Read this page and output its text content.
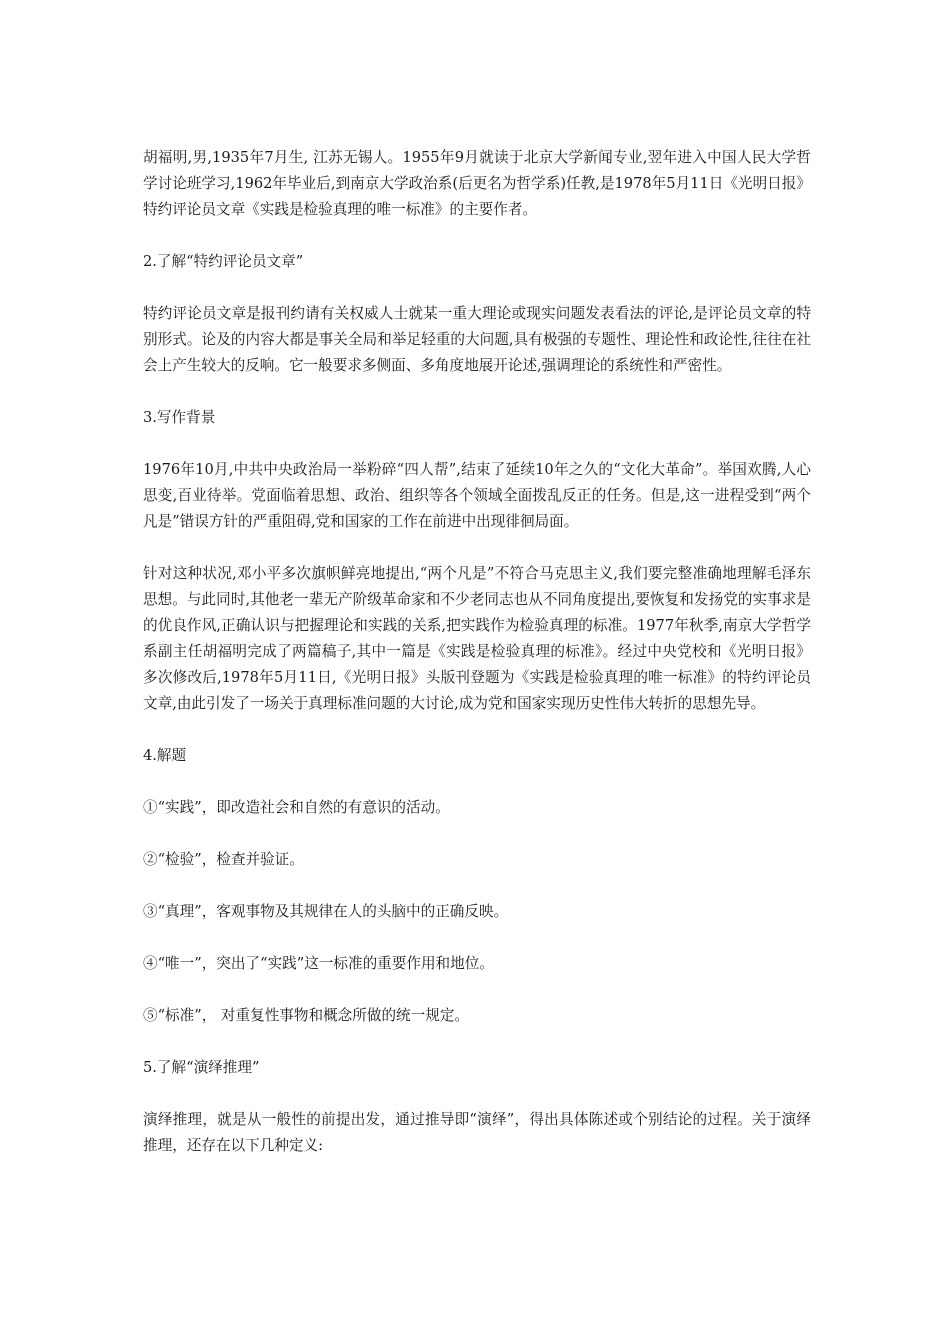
胡福明,男,1935年7月生, 江苏无锡人。1955年9月就读于北京大学新闻专业,翌年进入中国人民大学哲学讨论班学习,1962年毕业后,到南京大学政治系(后更名为哲学系)任教,是1978年5月11日《光明日报》特约评论员文章《实践是检验真理的唯一标准》的主要作者。

2.了解“特约评论员文章”

特约评论员文章是报刊约请有关权威人士就某一重大理论或现实问题发表看法的评论,是评论员文章的特别形式。论及的内容大都是事关全局和举足轻重的大问题,具有极强的专题性、理论性和政论性,往往在社会上产生较大的反响。它一般要求多侧面、多角度地展开论述,强调理论的系统性和严密性。

3.写作背景

1976年10月,中共中央政治局一举粉碎“四人帮”,结束了延续10年之久的“文化大革命”。举国欢腾,人心思变,百业待举。党面临着思想、政治、组织等各个领域全面拨乱反正的任务。但是,这一进程受到“两个凡是”错误方针的严重阻碍,党和国家的工作在前进中出现徘徊局面。

针对这种状况,邓小平多次旗帜鲜亮地提出,“两个凡是”不符合马克思主义,我们要完整准确地理解毛泽东思想。与此同时,其他老一辈无产阶级革命家和不少老同志也从不同角度提出,要恢复和发扬党的实事求是的优良作风,正确认识与把握理论和实践的关系,把实践作为检验真理的标准。1977年秋季,南京大学哲学系副主任胡福明完成了两篇稿子,其中一篇是《实践是检验真理的标准》。经过中央党校和《光明日报》多次修改后,1978年5月11日,《光明日报》头版刊登题为《实践是检验真理的唯一标准》的特约评论员文章,由此引发了一场关于真理标准问题的大讨论,成为党和国家实现历史性伟大转折的思想先导。

4.解题

①“实践”，即改造社会和自然的有意识的活动。

②“检验”，检查并验证。

③“真理”，客观事物及其规律在人的头脑中的正确反映。

④“唯一”，突出了“实践”这一标准的重要作用和地位。

⑤“标准”， 对重复性事物和概念所做的统一规定。

5.了解“演绎推理”

演绎推理，就是从一般性的前提出发，通过推导即“演绎”，得出具体陈述或个别结论的过程。关于演绎推理，还存在以下几种定义:
